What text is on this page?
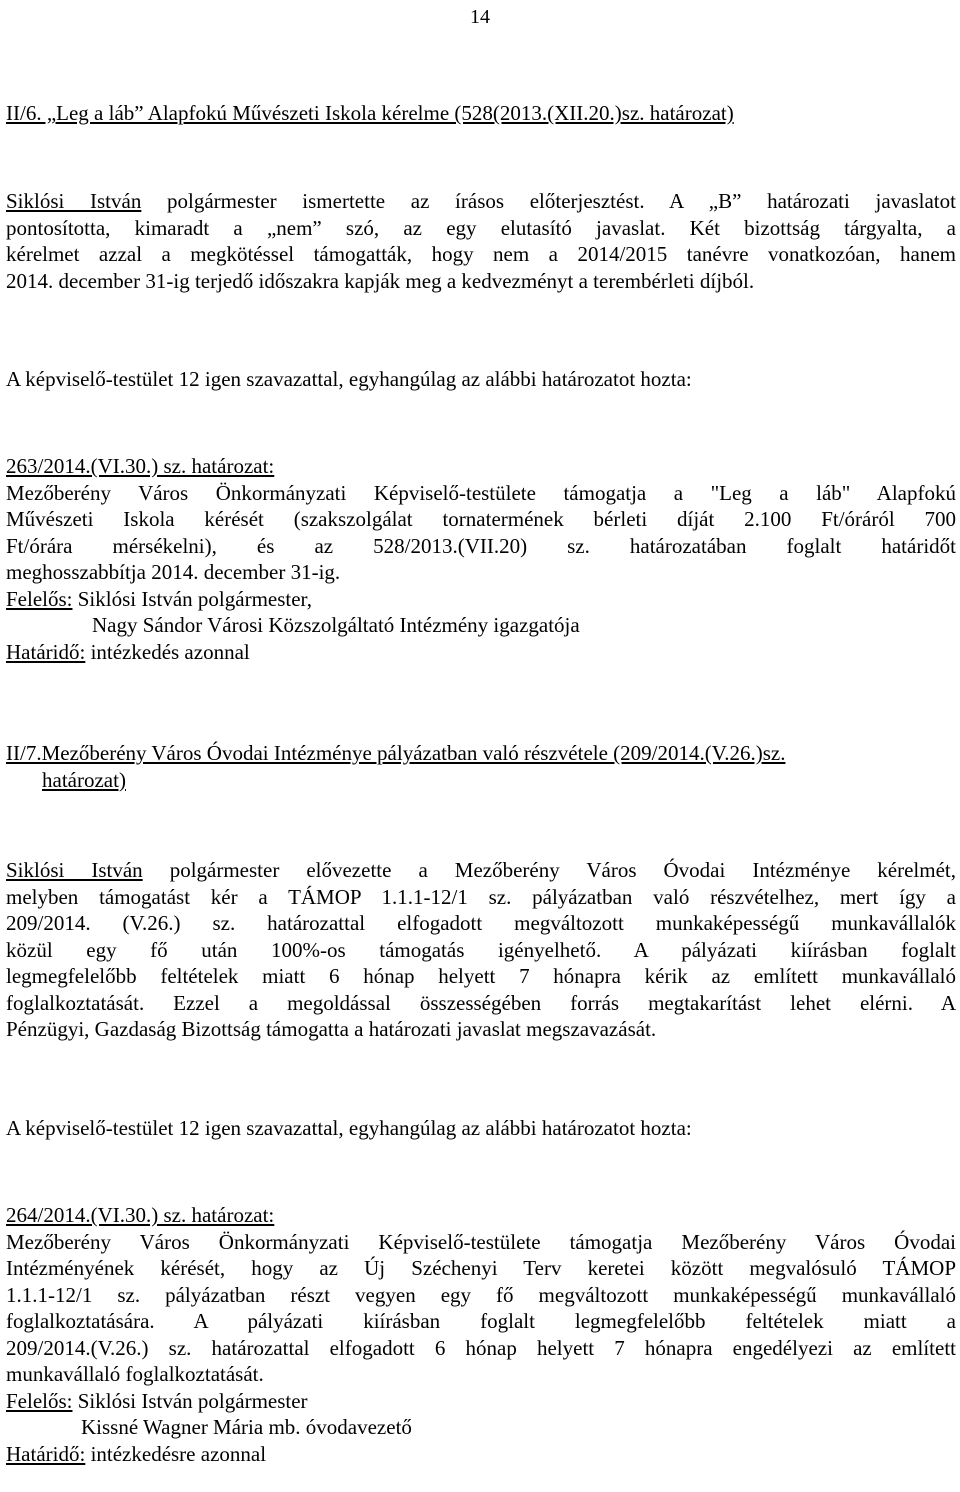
14
II/6. „Leg a láb” Alapfokú Művészeti Iskola kérelme (528(2013.(XII.20.)sz. határozat)

Siklósi István polgármester ismertette az írásos előterjesztést. A „B” határozati javaslatot

pontosította, kimaradt a „nem” szó, az egy elutasító javaslat. Két bizottság tárgyalta, a

kérelmet azzal a megkötéssel támogatták, hogy nem a 2014/2015 tanévre vonatkozóan, hanem

2014. december 31-ig terjedő időszakra kapják meg a kedvezményt a terembérleti díjból.

A képviselő-testület 12 igen szavazattal, egyhangúlag az alábbi határozatot hozta:

263/2014.(VI.30.) sz. határozat:

Mezőberény Város Önkormányzati Képviselő-testülete támogatja a "Leg a láb" Alapfokú

Művészeti Iskola kérését (szakszolgálat tornatermének bérleti díját 2.100 Ft/óráról 700

Ft/órára mérsékelni), és az 528/2013.(VII.20) sz. határozatában foglalt határidőt

meghosszabbítja 2014. december 31-ig.

Felelős: Siklósi István polgármester,

Nagy Sándor Városi Közszolgáltató Intézmény igazgatója

Határidő: intézkedés azonnal

II/7.Mezőberény Város Óvodai Intézménye pályázatban való részvétele (209/2014.(V.26.)sz.

határozat)

Siklósi István polgármester elővezette a Mezőberény Város Óvodai Intézménye kérelmét,

melyben támogatást kér a TÁMOP 1.1.1-12/1 sz. pályázatban való részvételhez, mert így a

209/2014. (V.26.) sz. határozattal elfogadott megváltozott munkaképességű munkavállalók

közül egy fő után 100%-os támogatás igényelhető. A pályázati kiírásban foglalt

legmegfelelőbb feltételek miatt 6 hónap helyett 7 hónapra kérik az említett munkavállaló

foglalkoztatását. Ezzel a megoldással összességében forrás megtakarítást lehet elérni. A

Pénzügyi, Gazdaság Bizottság támogatta a határozati javaslat megszavazását.

A képviselő-testület 12 igen szavazattal, egyhangúlag az alábbi határozatot hozta:

264/2014.(VI.30.) sz. határozat:

Mezőberény Város Önkormányzati Képviselő-testülete támogatja Mezőberény Város Óvodai

Intézményének kérését, hogy az Új Széchenyi Terv keretei között megvalósuló TÁMOP

1.1.1-12/1 sz. pályázatban részt vegyen egy fő megváltozott munkaképességű munkavállaló

foglalkoztatására. A pályázati kiírásban foglalt legmegfelelőbb feltételek miatt a

209/2014.(V.26.) sz. határozattal elfogadott 6 hónap helyett 7 hónapra engedélyezi az említett

munkavállaló foglalkoztatását.

Felelős: Siklósi István polgármester

Kissné Wagner Mária mb. óvodavezető

Határidő: intézkedésre azonnal
